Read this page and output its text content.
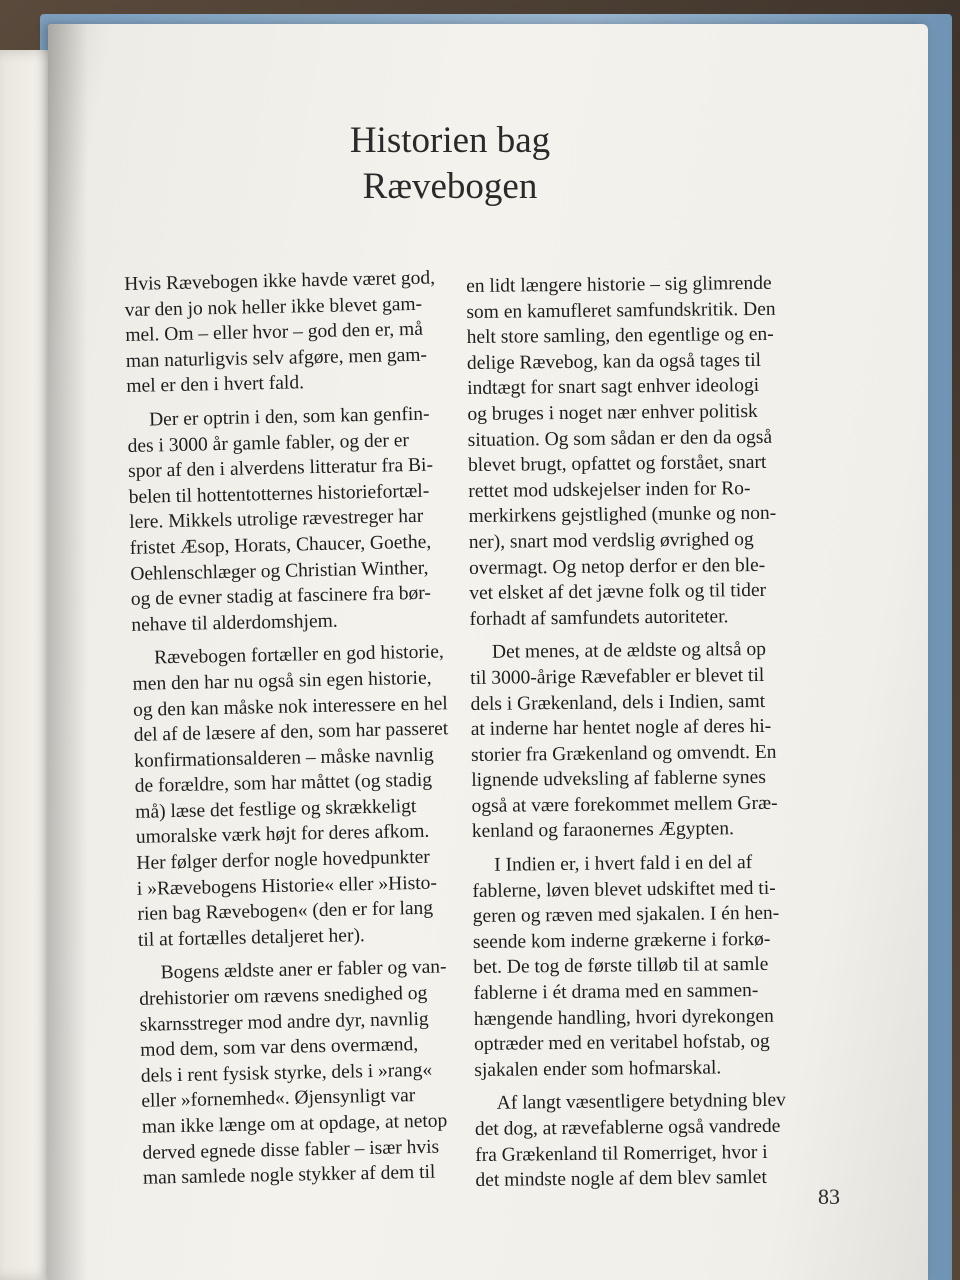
Historien bag
Rævebogen
Hvis Rævebogen ikke havde været god,
var den jo nok heller ikke blevet gam-
mel. Om – eller hvor – god den er, må
man naturligvis selv afgøre, men gam-
mel er den i hvert fald.
Der er optrin i den, som kan genfin-
des i 3000 år gamle fabler, og der er
spor af den i alverdens litteratur fra Bi-
belen til hottentotternes historiefortæl-
lere. Mikkels utrolige rævestreger har
fristet Æsop, Horats, Chaucer, Goethe,
Oehlenschlæger og Christian Winther,
og de evner stadig at fascinere fra bør-
nehave til alderdomshjem.
Rævebogen fortæller en god historie,
men den har nu også sin egen historie,
og den kan måske nok interessere en hel
del af de læsere af den, som har passeret
konfirmationsalderen – måske navnlig
de forældre, som har måttet (og stadig
må) læse det festlige og skrækkeligt
umoralske værk højt for deres afkom.
Her følger derfor nogle hovedpunkter
i »Rævebogens Historie« eller »Histo-
rien bag Rævebogen« (den er for lang
til at fortælles detaljeret her).
Bogens ældste aner er fabler og van-
drehistorier om rævens snedighed og
skarnsstreger mod andre dyr, navnlig
mod dem, som var dens overmænd,
dels i rent fysisk styrke, dels i »rang«
eller »fornemhed«. Øjensynligt var
man ikke længe om at opdage, at netop
derved egnede disse fabler – især hvis
man samlede nogle stykker af dem til
en lidt længere historie – sig glimrende
som en kamufleret samfundskritik. Den
helt store samling, den egentlige og en-
delige Rævebog, kan da også tages til
indtægt for snart sagt enhver ideologi
og bruges i noget nær enhver politisk
situation. Og som sådan er den da også
blevet brugt, opfattet og forstået, snart
rettet mod udskejelser inden for Ro-
merkirkens gejstlighed (munke og non-
ner), snart mod verdslig øvrighed og
overmagt. Og netop derfor er den ble-
vet elsket af det jævne folk og til tider
forhadt af samfundets autoriteter.
Det menes, at de ældste og altså op
til 3000-årige Rævefabler er blevet til
dels i Grækenland, dels i Indien, samt
at inderne har hentet nogle af deres hi-
storier fra Grækenland og omvendt. En
lignende udveksling af fablerne synes
også at være forekommet mellem Græ-
kenland og faraonernes Ægypten.
I Indien er, i hvert fald i en del af
fablerne, løven blevet udskiftet med ti-
geren og ræven med sjakalen. I én hen-
seende kom inderne grækerne i forkø-
bet. De tog de første tilløb til at samle
fablerne i ét drama med en sammen-
hængende handling, hvori dyrekongen
optræder med en veritabel hofstab, og
sjakalen ender som hofmarskal.
Af langt væsentligere betydning blev
det dog, at rævefablerne også vandrede
fra Grækenland til Romerriget, hvor i
det mindste nogle af dem blev samlet
83
